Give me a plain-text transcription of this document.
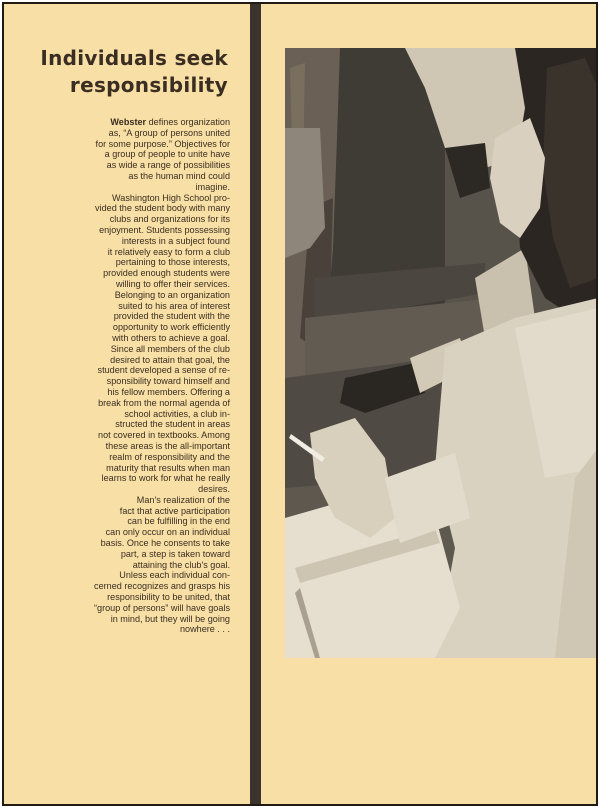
Individuals seek
responsibility

Webster defines organization

as, “A group of persons united

for some purpose.” Objectives for

a group of people to unite have

as wide a range of possibilities

as the human mind could

imagine.

Washington High School pro-

vided the student body with many

clubs and organizations for its

enjoyment. Students possessing

interests in a subject found

it relatively easy to form a club

pertaining to those interests,

provided enough students were

willing to offer their services.

Belonging to an organization

suited to his area of interest

provided the student with the

opportunity to work efficiently

with others to achieve a goal.

Since all members of the club

desired to attain that goal, the

student developed a sense of re-

sponsibility toward himself and

his fellow members. Offering a

break from the normal agenda of

school activities, a club in-

structed the student in areas

not covered in textbooks. Among

these areas is the all-important

realm of responsibility and the

maturity that results when man

learns to work for what he really

desires.

Man's realization of the

fact that active participation

can be fulfilling in the end

can only occur on an individual

basis. Once he consents to take

part, a step is taken toward

attaining the club's goal.

Unless each individual con-

cerned recognizes and grasps his

responsibility to be united, that

“group of persons” will have goals

in mind, but they will be going

nowhere . . .
